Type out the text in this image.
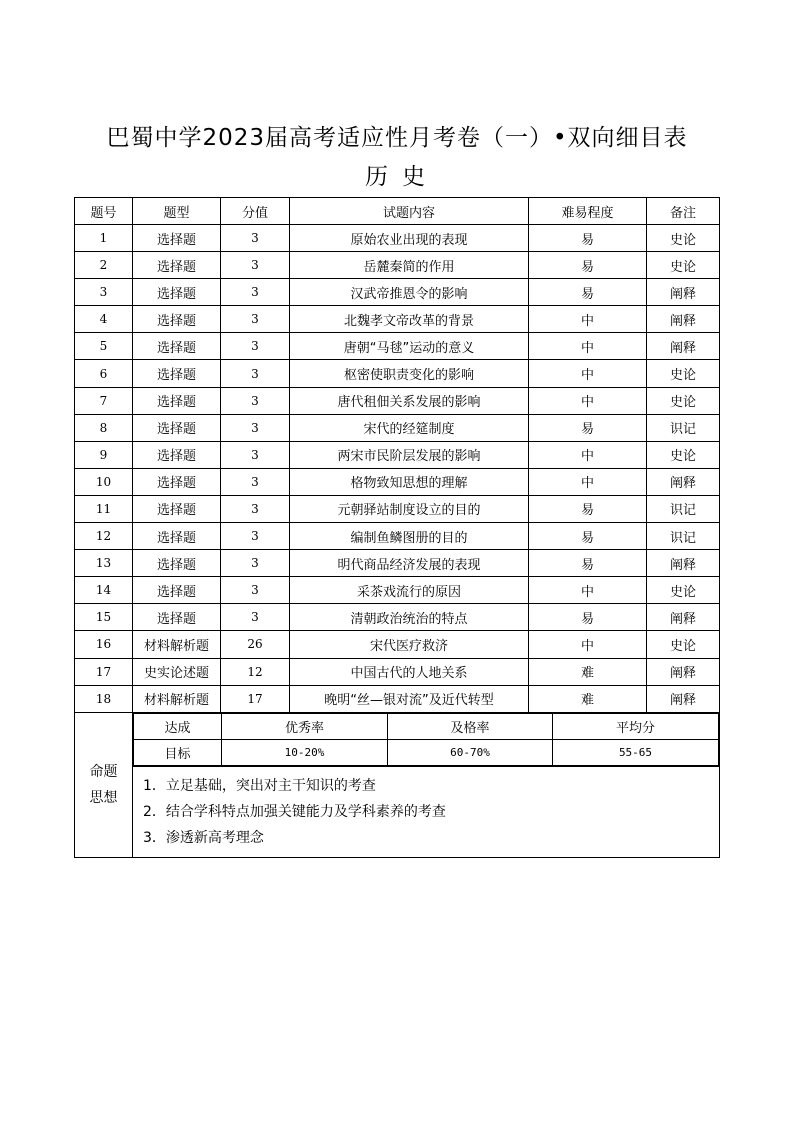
巴蜀中学2023届高考适应性月考卷（一）•双向细目表
历史
题号	题型	分值	试题内容	难易程度	备注
1	选择题	3	原始农业出现的表现	易	史论
2	选择题	3	岳麓秦简的作用	易	史论
3	选择题	3	汉武帝推恩令的影响	易	阐释
4	选择题	3	北魏孝文帝改革的背景	中	阐释
5	选择题	3	唐朝“马毬”运动的意义	中	阐释
6	选择题	3	枢密使职责变化的影响	中	史论
7	选择题	3	唐代租佃关系发展的影响	中	史论
8	选择题	3	宋代的经筵制度	易	识记
9	选择题	3	两宋市民阶层发展的影响	中	史论
10	选择题	3	格物致知思想的理解	中	阐释
11	选择题	3	元朝驿站制度设立的目的	易	识记
12	选择题	3	编制鱼鳞图册的目的	易	识记
13	选择题	3	明代商品经济发展的表现	易	阐释
14	选择题	3	采茶戏流行的原因	中	史论
15	选择题	3	清朝政治统治的特点	易	阐释
16	材料解析题	26	宋代医疗救济	中	史论
17	史实论述题	12	中国古代的人地关系	难	阐释
18	材料解析题	17	晚明“丝—银对流”及近代转型	难	阐释

命题
思想

达成	优秀率	及格率	平均分
目标	10-20%	60-70%	55-65

1．立足基础，突出对主干知识的考查
2．结合学科特点加强关键能力及学科素养的考查
3．渗透新高考理念
